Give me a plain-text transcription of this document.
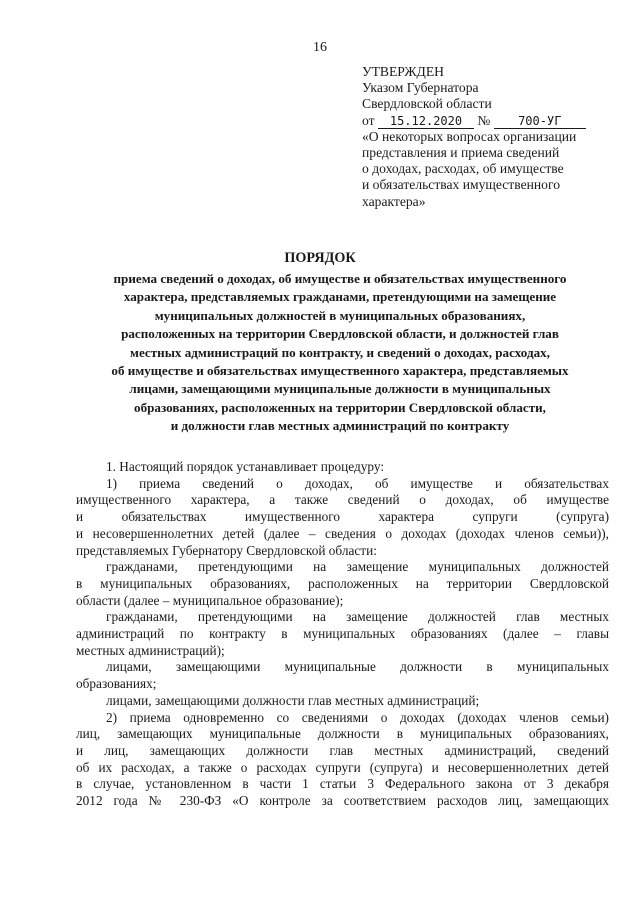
16
УТВЕРЖДЕН
Указом Губернатора
Свердловской области
от 15.12.2020 № 700-УГ
«О некоторых вопросах организации
представления и приема сведений
о доходах, расходах, об имуществе
и обязательствах имущественного
характера»
ПОРЯДОК
приема сведений о доходах, об имуществе и обязательствах имущественного
характера, представляемых гражданами, претендующими на замещение
муниципальных должностей в муниципальных образованиях,
расположенных на территории Свердловской области, и должностей глав
местных администраций по контракту, и сведений о доходах, расходах,
об имуществе и обязательствах имущественного характера, представляемых
лицами, замещающими муниципальные должности в муниципальных
образованиях, расположенных на территории Свердловской области,
и должности глав местных администраций по контракту
1. Настоящий порядок устанавливает процедуру:
1) приема сведений о доходах, об имуществе и обязательствах
имущественного характера, а также сведений о доходах, об имуществе
и обязательствах имущественного характера супруги (супруга)
и несовершеннолетних детей (далее – сведения о доходах (доходах членов семьи)),
представляемых Губернатору Свердловской области:
гражданами, претендующими на замещение муниципальных должностей
в муниципальных образованиях, расположенных на территории Свердловской
области (далее – муниципальное образование);
гражданами, претендующими на замещение должностей глав местных
администраций по контракту в муниципальных образованиях (далее – главы
местных администраций);
лицами, замещающими муниципальные должности в муниципальных
образованиях;
лицами, замещающими должности глав местных администраций;
2) приема одновременно со сведениями о доходах (доходах членов семьи)
лиц, замещающих муниципальные должности в муниципальных образованиях,
и лиц, замещающих должности глав местных администраций, сведений
об их расходах, а также о расходах супруги (супруга) и несовершеннолетних детей
в случае, установленном в части 1 статьи 3 Федерального закона от 3 декабря
2012 года № 230-ФЗ «О контроле за соответствием расходов лиц, замещающих
